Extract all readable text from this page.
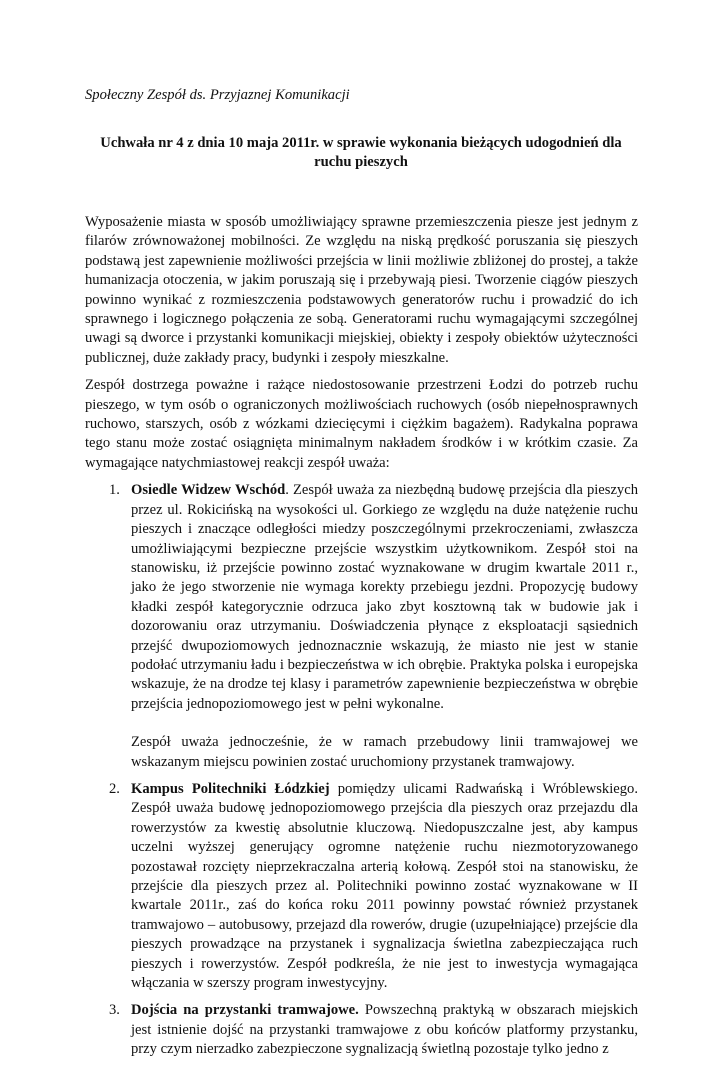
Społeczny Zespół ds. Przyjaznej Komunikacji
Uchwała nr 4 z dnia 10 maja 2011r. w sprawie wykonania bieżących udogodnień dla
ruchu pieszych

Wyposażenie miasta w sposób umożliwiający sprawne przemieszczenia piesze jest jednym z filarów zrównoważonej mobilności. Ze względu na niską prędkość poruszania się pieszych podstawą jest zapewnienie możliwości przejścia w linii możliwie zbliżonej do prostej, a także humanizacja otoczenia, w jakim poruszają się i przebywają piesi. Tworzenie ciągów pieszych powinno wynikać z rozmieszczenia podstawowych generatorów ruchu i prowadzić do ich sprawnego i logicznego połączenia ze sobą. Generatorami ruchu wymagającymi szczególnej uwagi są dworce i przystanki komunikacji miejskiej, obiekty i zespoły obiektów użyteczności publicznej, duże zakłady pracy, budynki i zespoły mieszkalne.

Zespół dostrzega poważne i rażące niedostosowanie przestrzeni Łodzi do potrzeb ruchu pieszego, w tym osób o ograniczonych możliwościach ruchowych (osób niepełnosprawnych ruchowo, starszych, osób z wózkami dziecięcymi i ciężkim bagażem). Radykalna poprawa tego stanu może zostać osiągnięta minimalnym nakładem środków i w krótkim czasie. Za wymagające natychmiastowej reakcji zespół uważa:

1. Osiedle Widzew Wschód. Zespół uważa za niezbędną budowę przejścia dla pieszych przez ul. Rokicińską na wysokości ul. Gorkiego ze względu na duże natężenie ruchu pieszych i znaczące odległości miedzy poszczególnymi przekroczeniami, zwłaszcza umożliwiającymi bezpieczne przejście wszystkim użytkownikom. Zespół stoi na stanowisku, iż przejście powinno zostać wyznakowane w drugim kwartale 2011 r., jako że jego stworzenie nie wymaga korekty przebiegu jezdni. Propozycję budowy kładki zespół kategorycznie odrzuca jako zbyt kosztowną tak w budowie jak i dozorowaniu oraz utrzymaniu. Doświadczenia płynące z eksploatacji sąsiednich przejść dwupoziomowych jednoznacznie wskazują, że miasto nie jest w stanie podołać utrzymaniu ładu i bezpieczeństwa w ich obrębie. Praktyka polska i europejska wskazuje, że na drodze tej klasy i parametrów zapewnienie bezpieczeństwa w obrębie przejścia jednopoziomowego jest w pełni wykonalne.

Zespół uważa jednocześnie, że w ramach przebudowy linii tramwajowej we wskazanym miejscu powinien zostać uruchomiony przystanek tramwajowy.

2. Kampus Politechniki Łódzkiej pomiędzy ulicami Radwańską i Wróblewskiego. Zespół uważa budowę jednopoziomowego przejścia dla pieszych oraz przejazdu dla rowerzystów za kwestię absolutnie kluczową. Niedopuszczalne jest, aby kampus uczelni wyższej generujący ogromne natężenie ruchu niezmotoryzowanego pozostawał rozcięty nieprzekraczalna arterią kołową. Zespół stoi na stanowisku, że przejście dla pieszych przez al. Politechniki powinno zostać wyznakowane w II kwartale 2011r., zaś do końca roku 2011 powinny powstać również przystanek tramwajowo – autobusowy, przejazd dla rowerów, drugie (uzupełniające) przejście dla pieszych prowadzące na przystanek i sygnalizacja świetlna zabezpieczająca ruch pieszych i rowerzystów. Zespół podkreśla, że nie jest to inwestycja wymagająca włączania w szerszy program inwestycyjny.

3. Dojścia na przystanki tramwajowe. Powszechną praktyką w obszarach miejskich jest istnienie dojść na przystanki tramwajowe z obu końców platformy przystanku, przy czym nierzadko zabezpieczone sygnalizacją świetlną pozostaje tylko jedno z
